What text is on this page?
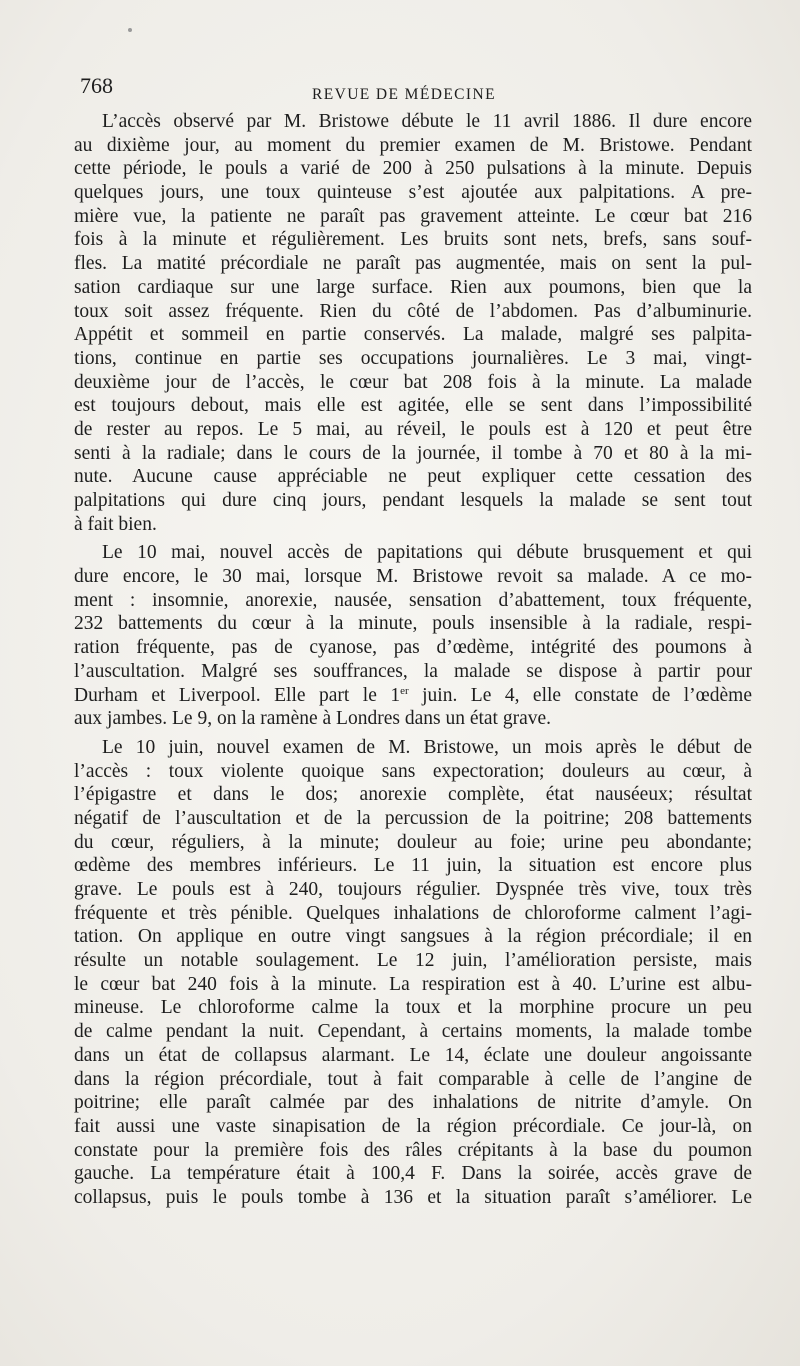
768	REVUE DE MÉDECINE
L’accès observé par M. Bristowe débute le 11 avril 1886. Il dure encore
au dixième jour, au moment du premier examen de M. Bristowe. Pendant
cette période, le pouls a varié de 200 à 250 pulsations à la minute. Depuis
quelques jours, une toux quinteuse s’est ajoutée aux palpitations. A pre-
mière vue, la patiente ne paraît pas gravement atteinte. Le cœur bat 216
fois à la minute et régulièrement. Les bruits sont nets, brefs, sans souf-
fles. La matité précordiale ne paraît pas augmentée, mais on sent la pul-
sation cardiaque sur une large surface. Rien aux poumons, bien que la
toux soit assez fréquente. Rien du côté de l’abdomen. Pas d’albuminurie.
Appétit et sommeil en partie conservés. La malade, malgré ses palpita-
tions, continue en partie ses occupations journalières. Le 3 mai, vingt-
deuxième jour de l’accès, le cœur bat 208 fois à la minute. La malade
est toujours debout, mais elle est agitée, elle se sent dans l’impossibilité
de rester au repos. Le 5 mai, au réveil, le pouls est à 120 et peut être
senti à la radiale; dans le cours de la journée, il tombe à 70 et 80 à la mi-
nute. Aucune cause appréciable ne peut expliquer cette cessation des
palpitations qui dure cinq jours, pendant lesquels la malade se sent tout
à fait bien.
Le 10 mai, nouvel accès de papitations qui débute brusquement et qui
dure encore, le 30 mai, lorsque M. Bristowe revoit sa malade. A ce mo-
ment : insomnie, anorexie, nausée, sensation d’abattement, toux fréquente,
232 battements du cœur à la minute, pouls insensible à la radiale, respi-
ration fréquente, pas de cyanose, pas d’œdème, intégrité des poumons à
l’auscultation. Malgré ses souffrances, la malade se dispose à partir pour
Durham et Liverpool. Elle part le 1er juin. Le 4, elle constate de l’œdème
aux jambes. Le 9, on la ramène à Londres dans un état grave.
Le 10 juin, nouvel examen de M. Bristowe, un mois après le début de
l’accès : toux violente quoique sans expectoration; douleurs au cœur, à
l’épigastre et dans le dos; anorexie complète, état nauséeux; résultat
négatif de l’auscultation et de la percussion de la poitrine; 208 battements
du cœur, réguliers, à la minute; douleur au foie; urine peu abondante;
œdème des membres inférieurs. Le 11 juin, la situation est encore plus
grave. Le pouls est à 240, toujours régulier. Dyspnée très vive, toux très
fréquente et très pénible. Quelques inhalations de chloroforme calment l’agi-
tation. On applique en outre vingt sangsues à la région précordiale; il en
résulte un notable soulagement. Le 12 juin, l’amélioration persiste, mais
le cœur bat 240 fois à la minute. La respiration est à 40. L’urine est albu-
mineuse. Le chloroforme calme la toux et la morphine procure un peu
de calme pendant la nuit. Cependant, à certains moments, la malade tombe
dans un état de collapsus alarmant. Le 14, éclate une douleur angoissante
dans la région précordiale, tout à fait comparable à celle de l’angine de
poitrine; elle paraît calmée par des inhalations de nitrite d’amyle. On
fait aussi une vaste sinapisation de la région précordiale. Ce jour-là, on
constate pour la première fois des râles crépitants à la base du poumon
gauche. La température était à 100,4 F. Dans la soirée, accès grave de
collapsus, puis le pouls tombe à 136 et la situation paraît s’améliorer. Le
